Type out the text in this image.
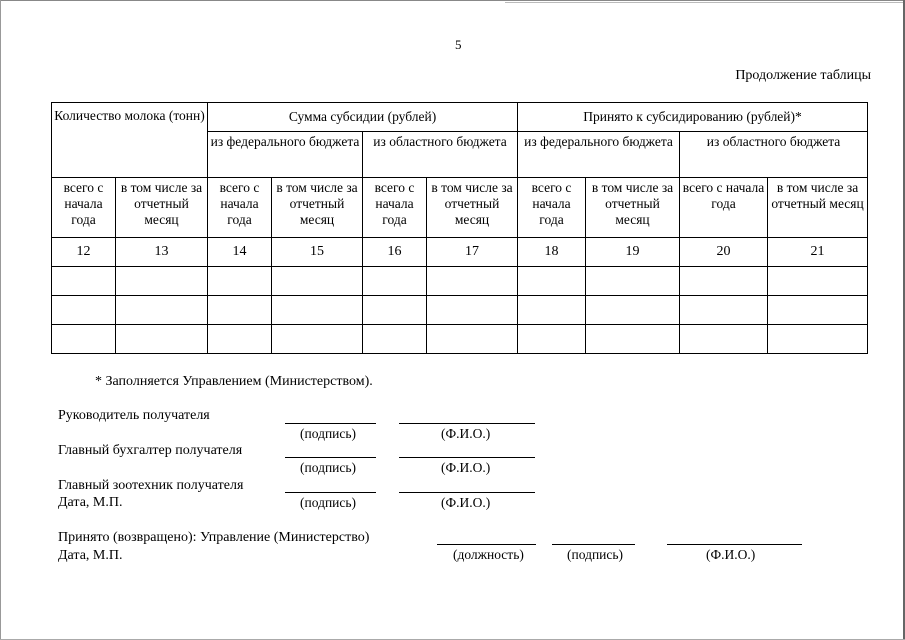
5
Продолжение таблицы
Количество молока (тонн)		Сумма субсидии (рублей)				Принято к субсидированию (рублей)*			
		из федерального бюджета		из областного бюджета		из федерального бюджета		из областного бюджета	
всего с начала года	в том числе за отчетный месяц	всего с начала года	в том числе за отчетный месяц	всего с начала года	в том числе за отчетный месяц	всего с начала года	в том числе за отчетный месяц	всего с начала года	в том числе за отчетный месяц
12	13	14	15	16	17	18	19	20	21

* Заполняется Управлением (Министерством).
Руководитель получателя
(подпись)	(Ф.И.О.)
Главный бухгалтер получателя
(подпись)	(Ф.И.О.)
Главный зоотехник получателя
Дата, М.П.	(подпись)	(Ф.И.О.)
Принято (возвращено): Управление (Министерство)
Дата, М.П.	(должность)	(подпись)	(Ф.И.О.)
